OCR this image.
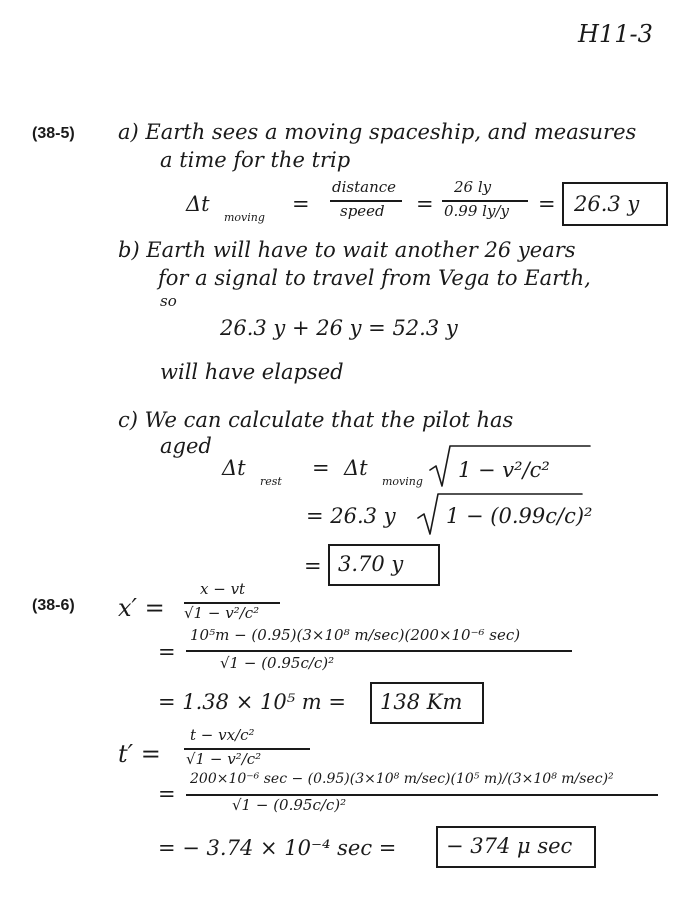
H11-3
(38-5) a) Earth sees a moving spaceship, and measures
a time for the trip
Δt
moving
=
distance
speed =
26 ly
0.99 ly/y = 26.3 y
b) Earth will have to wait another 26 years
for a signal to travel from Vega to Earth,
so
26.3 y + 26 y = 52.3 y
will have elapsed
c) We can calculate that the pilot has
aged
Δt
rest
= Δt
moving 1 − v²/c²
= 26.3 y 1 − (0.99c/c)²
= 3.70 y
(38-6) x′ =
x − vt
√1 − v²/c²
=
10⁵m − (0.95)(3×10⁸ m/sec)(200×10⁻⁶ sec)
√1 − (0.95c/c)²
= 1.38 × 10⁵ m = 138 Km
t′ =
t − vx/c²
√1 − v²/c²
=
200×10⁻⁶ sec − (0.95)(3×10⁸ m/sec)(10⁵ m)/(3×10⁸ m/sec)²
√1 − (0.95c/c)²
= − 3.74 × 10⁻⁴ sec = − 374 μ sec
